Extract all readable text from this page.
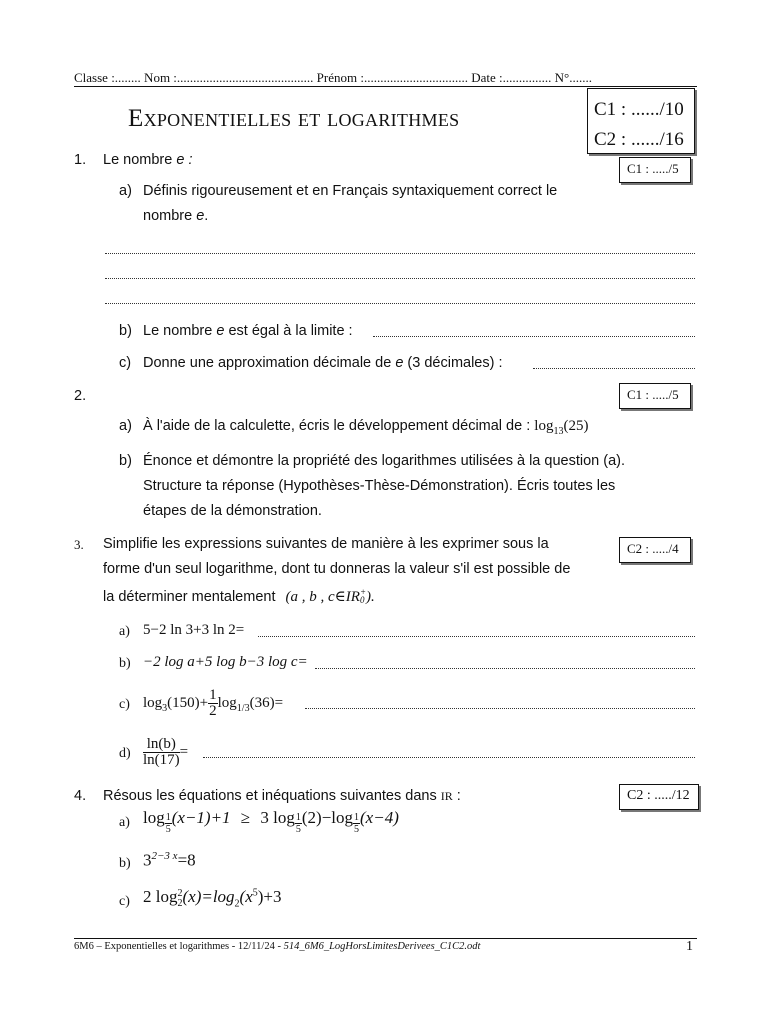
Classe :........ Nom :.......................................... Prénom :................................ Date :............... N°.......
Exponentielles et logarithmes	C1 : ....../10
C2 : ....../16
1. Le nombre e :
C1 : ...../5
a) Définis rigoureusement et en Français syntaxiquement correct le
nombre e.
b) Le nombre e est égal à la limite :
c) Donne une approximation décimale de e (3 décimales) :
2.	C1 : ...../5
a) À l'aide de la calculette, écris le développement décimal de : $\log_{13}(25)$
b) Énonce et démontre la propriété des logarithmes utilisées à la question (a).
Structure ta réponse (Hypothèses-Thèse-Démonstration). Écris toutes les
étapes de la démonstration.
3. Simplifie les expressions suivantes de manière à les exprimer sous la
forme d'un seul logarithme, dont tu donneras la valeur s'il est possible de
la déterminer mentalement (a , b , c∈IR +
0 ).
C2 : ...../4
a) 5−2 ln 3+3 ln 2=
b) −2 log a+5 log b−3 log c=
c) $\log_3(150)+ \frac{1}{2} \log_{1/3}(36)=$
$d) \frac{\ln(b)}{\ln(17)}$ =
4. Résous les équations et inéquations suivantes dans IR :	C2 : ...../12
a) $\log \frac{1}{5} (x-1)+1 \ge 3$ $\log \frac{1}{5} (2)-\log \frac{1}{5} (x-4)$
b) $3^{2-3 x}=8$
c) 2 log 2
2 $(x)=\log_2(x^5)+3$
6M6 – Exponentielles et logarithmes - 12/11/24 - 514_6M6_LogHorsLimitesDerivees_C1C2.odt	1
